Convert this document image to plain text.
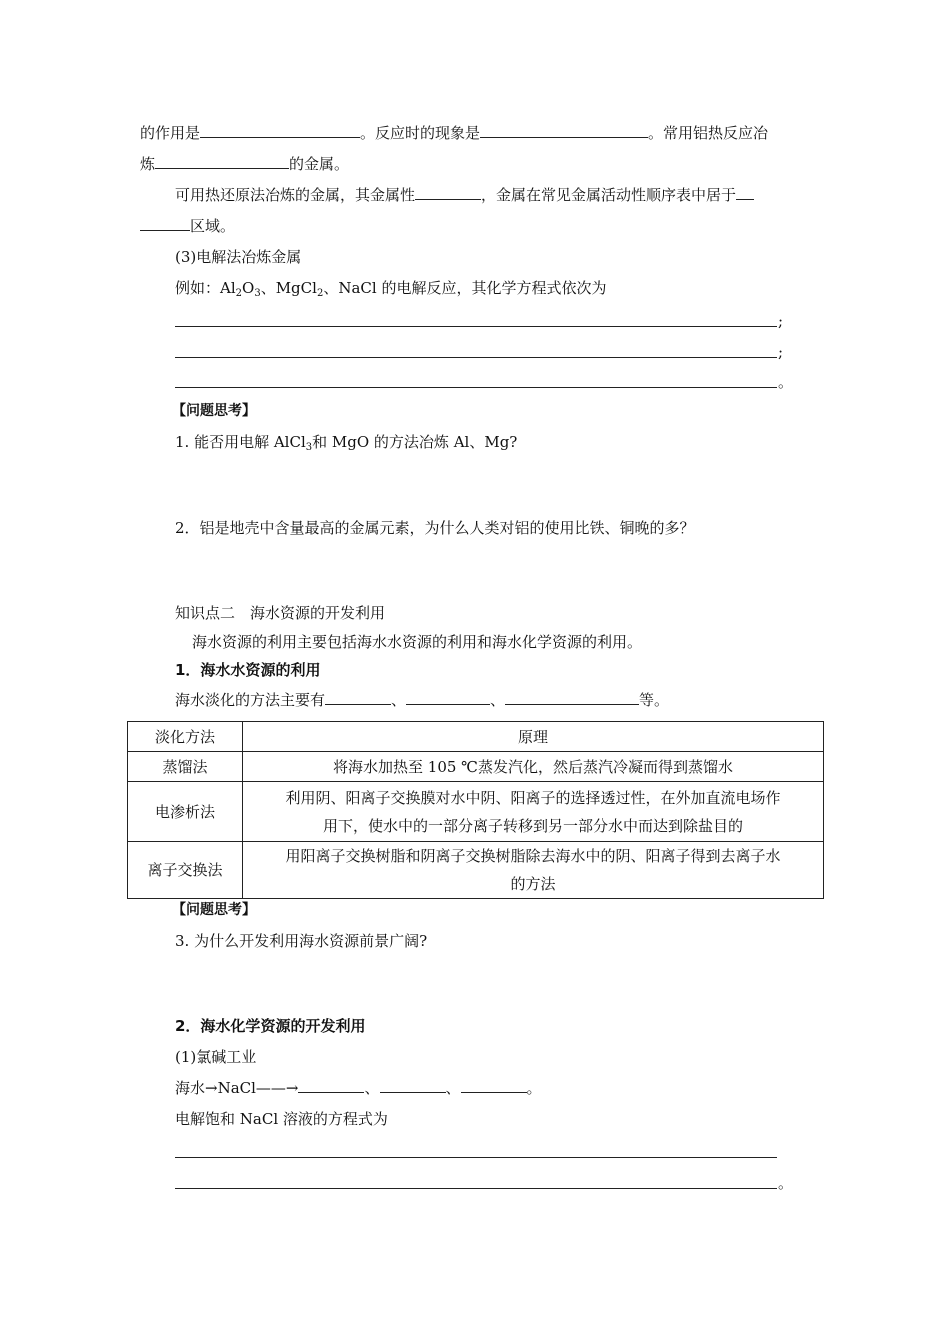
的作用是	。反应时的现象是	。常用铝热反应冶
炼	的金属。
可用热还原法冶炼的金属，其金属性	，金属在常见金属活动性顺序表中居于
区域。
(3)电解法冶炼金属
例如：$Al_2O_3$、MgCl$_2$、NaCl 的电解反应，其化学方程式依次为
;
;
。
【问题思考】
1. 能否用电解 AlCl$_3$和 MgO 的方法冶炼 Al、Mg?
2．铝是地壳中含量最高的金属元素，为什么人类对铝的使用比铁、铜晚的多？
知识点二　海水资源的开发利用
海水资源的利用主要包括海水水资源的利用和海水化学资源的利用。
1．海水水资源的利用
海水淡化的方法主要有	、	、	等。
淡化方法	原理
蒸馏法	将海水加热至 105 ℃蒸发汽化，然后蒸汽冷凝而得到蒸馏水
电渗析法	利用阴、阳离子交换膜对水中阴、阳离子的选择透过性，在外加直流电场作
用下，使水中的一部分离子转移到另一部分水中而达到除盐目的

离子交换法	用阳离子交换树脂和阴离子交换树脂除去海水中的阴、阳离子得到去离子水
的方法
【问题思考】
3. 为什么开发利用海水资源前景广阔?
2．海水化学资源的开发利用
(1)氯碱工业
海水→NaCl——→	、	、	。
电解饱和 NaCl 溶液的方程式为
。
